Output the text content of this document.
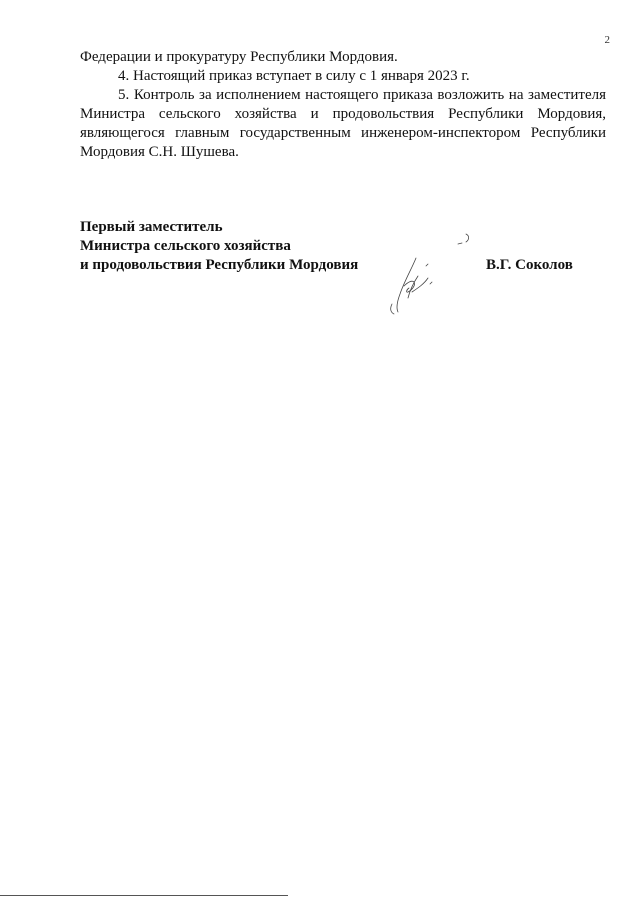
2

Федерации и прокуратуру Республики Мордовия.

4. Настоящий приказ вступает в силу с 1 января 2023 г.

5. Контроль за исполнением настоящего приказа возложить на заместителя Министра сельского хозяйства и продовольствия Республики Мордовия, являющегося главным государственным инженером-инспектором Республики Мордовия С.Н. Шушева.

Первый заместитель
Министра сельского хозяйства
и продовольствия Республики Мордовия	В.Г. Соколов
